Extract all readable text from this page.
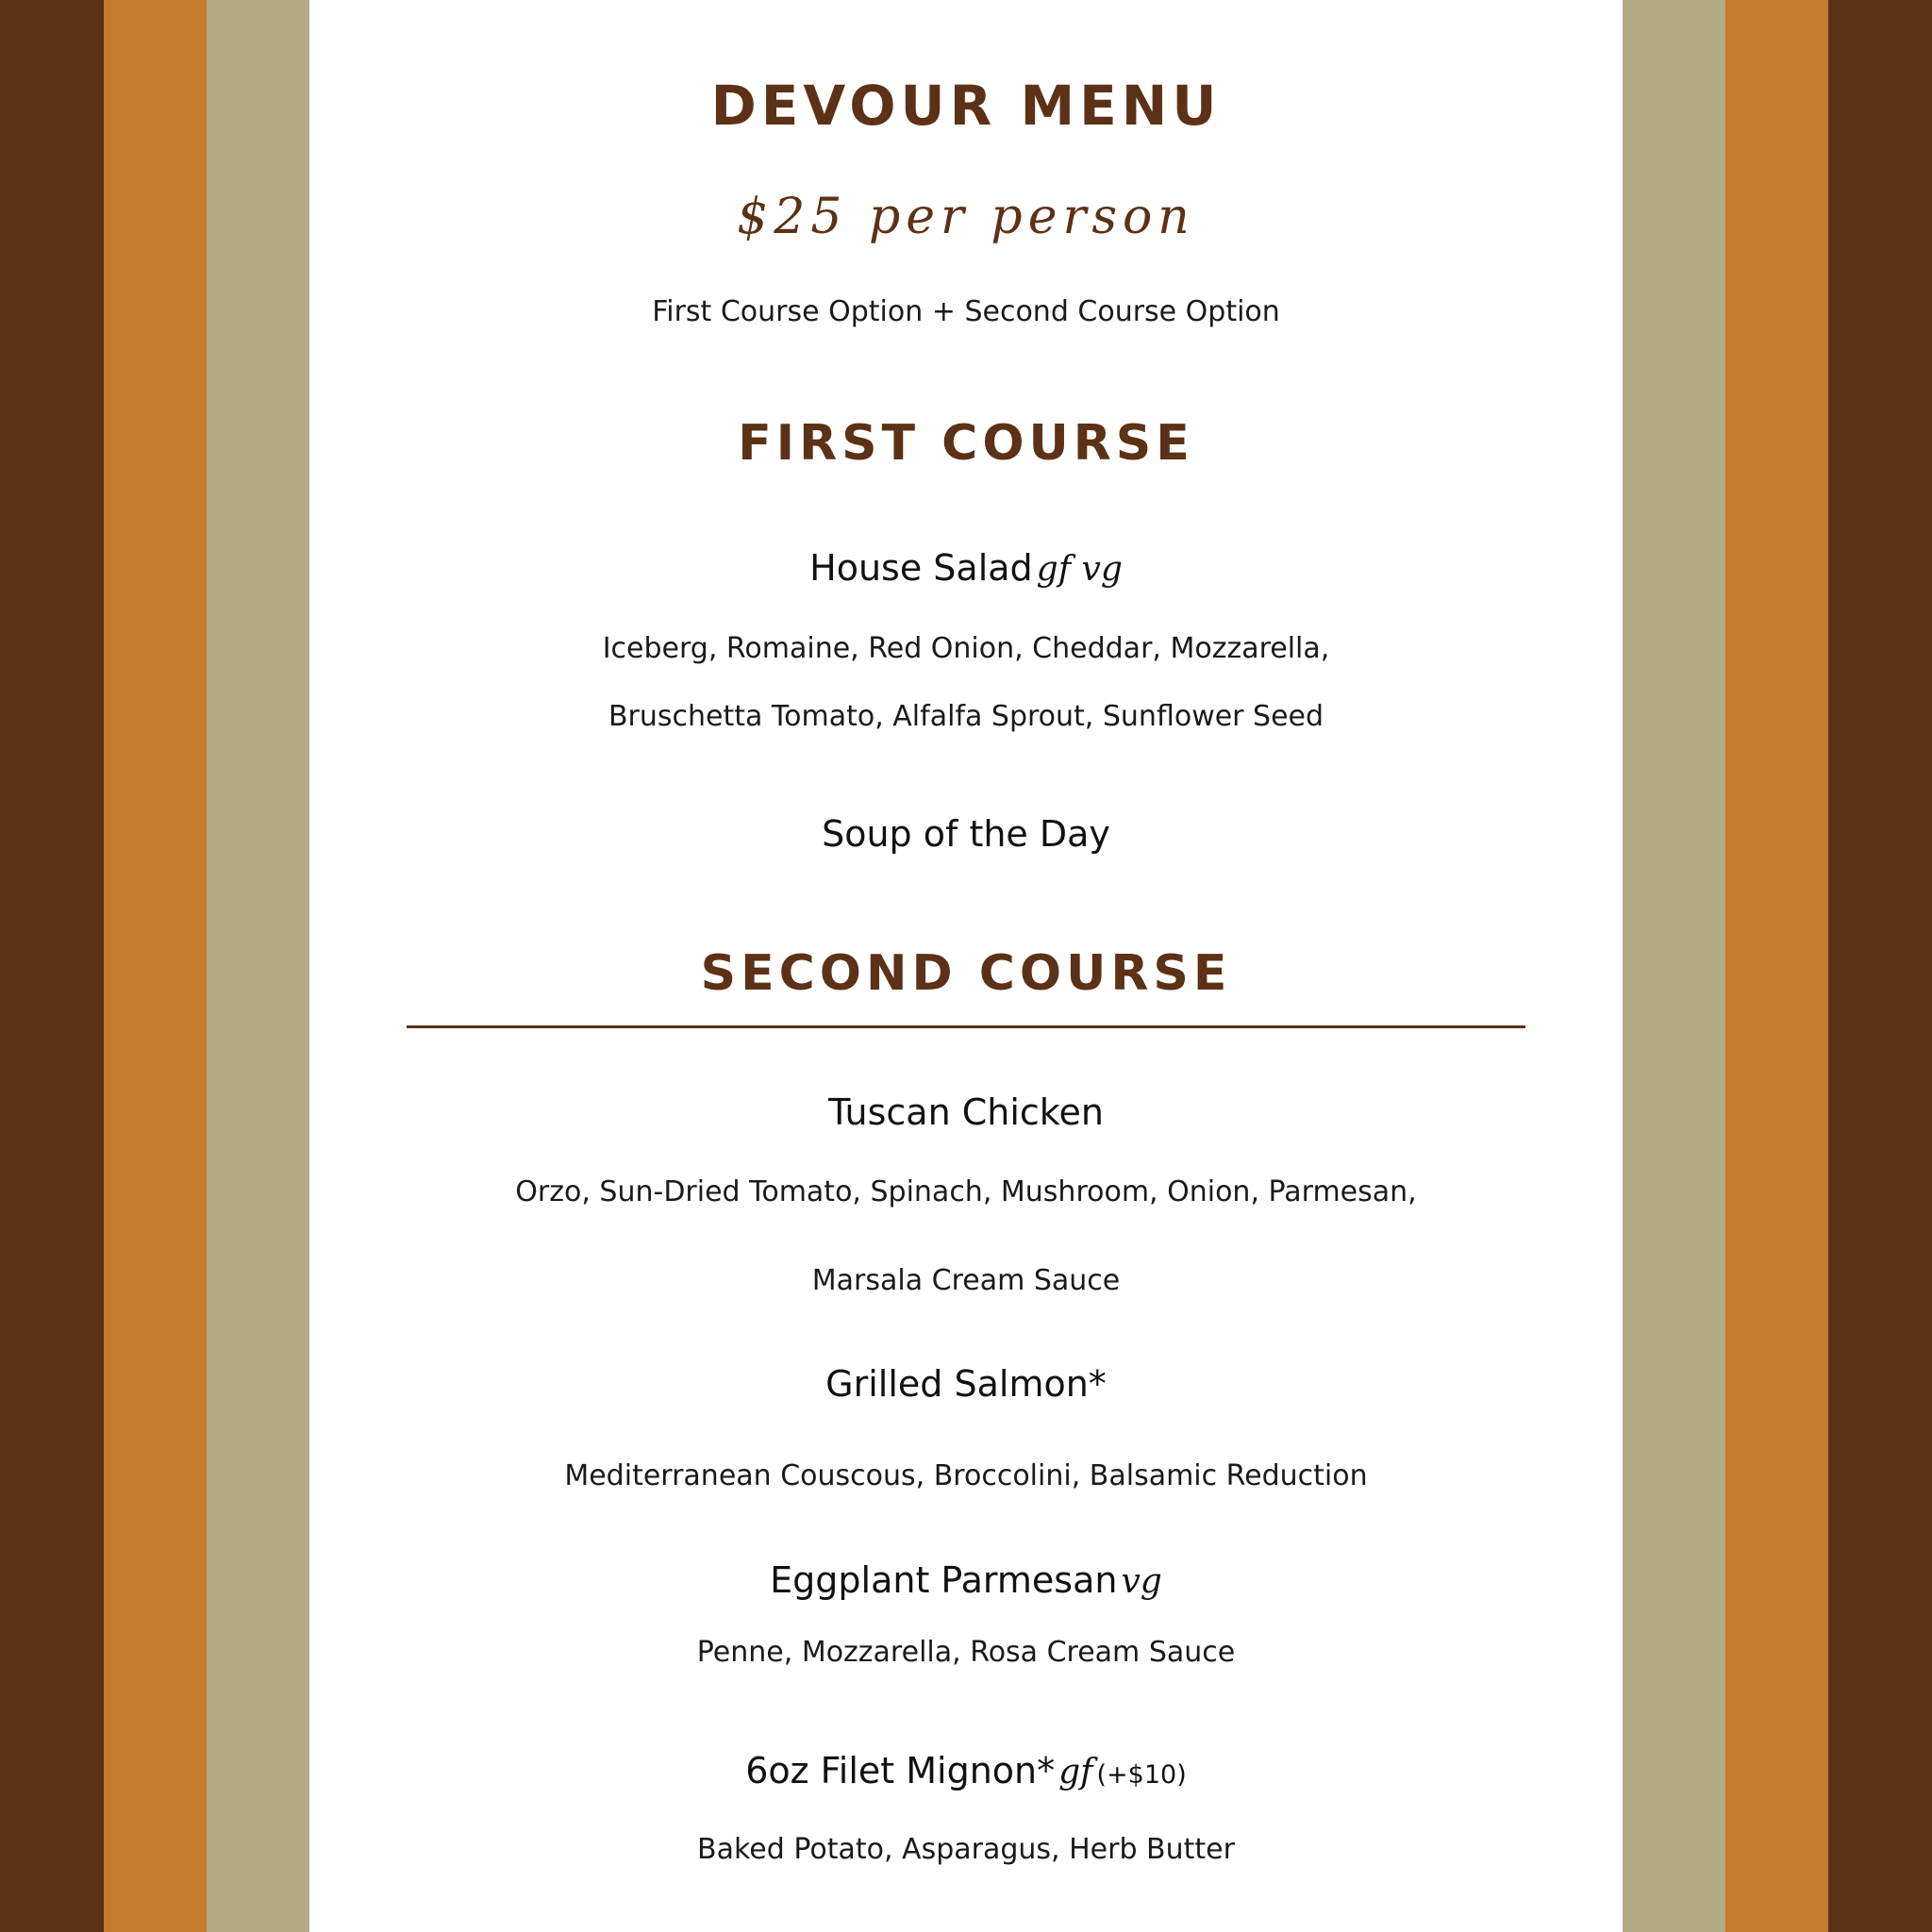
DEVOUR MENU
$25 per person
First Course Option + Second Course Option
FIRST COURSE
House Salad gf vg
Iceberg, Romaine, Red Onion, Cheddar, Mozzarella,
Bruschetta Tomato, Alfalfa Sprout, Sunflower Seed
Soup of the Day
SECOND COURSE
Tuscan Chicken
Orzo, Sun-Dried Tomato, Spinach, Mushroom, Onion, Parmesan,
Marsala Cream Sauce
Grilled Salmon*
Mediterranean Couscous, Broccolini, Balsamic Reduction
Eggplant Parmesan vg
Penne, Mozzarella, Rosa Cream Sauce
6oz Filet Mignon* gf (+$10)
Baked Potato, Asparagus, Herb Butter
